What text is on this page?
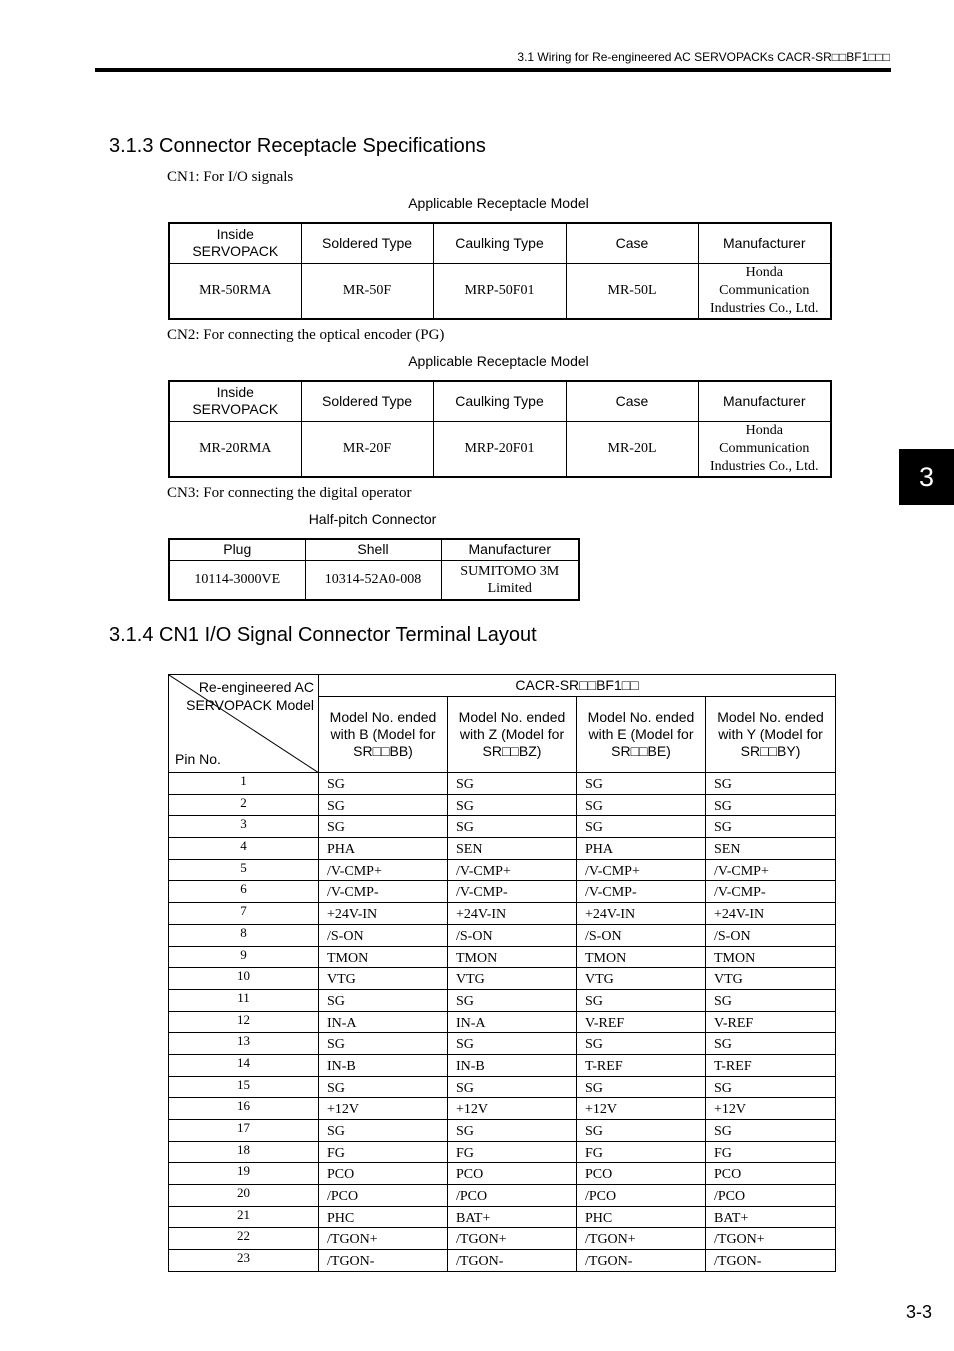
3.1 Wiring for Re-engineered AC SERVOPACKs CACR-SR□□BF1□□□
3
3.1.3 Connector Receptacle Specifications
CN1: For I/O signals
Applicable Receptacle Model
Inside SERVOPACK	Soldered Type	Caulking Type	Case	Manufacturer
MR-50RMA	MR-50F	MRP-50F01	MR-50L	Honda Communication Industries Co., Ltd.
CN2: For connecting the optical encoder (PG)
Applicable Receptacle Model
Inside SERVOPACK	Soldered Type	Caulking Type	Case	Manufacturer
MR-20RMA	MR-20F	MRP-20F01	MR-20L	Honda Communication Industries Co., Ltd.
CN3: For connecting the digital operator
Half-pitch Connector
Plug	Shell	Manufacturer
10114-3000VE	10314-52A0-008	SUMITOMO 3M Limited
3.1.4 CN1 I/O Signal Connector Terminal Layout
Re-engineered AC SERVOPACK Model
Pin No.	CACR-SR□□BF1□□			
	Model No. ended with B (Model for SR□□BB)	Model No. ended with Z (Model for SR□□BZ)	Model No. ended with E (Model for SR□□BE)	Model No. ended with Y (Model for SR□□BY)
1	SG	SG	SG	SG
2	SG	SG	SG	SG
3	SG	SG	SG	SG
4	PHA	SEN	PHA	SEN
5	/V-CMP+	/V-CMP+	/V-CMP+	/V-CMP+
6	/V-CMP-	/V-CMP-	/V-CMP-	/V-CMP-
7	+24V-IN	+24V-IN	+24V-IN	+24V-IN
8	/S-ON	/S-ON	/S-ON	/S-ON
9	TMON	TMON	TMON	TMON
10	VTG	VTG	VTG	VTG
11	SG	SG	SG	SG
12	IN-A	IN-A	V-REF	V-REF
13	SG	SG	SG	SG
14	IN-B	IN-B	T-REF	T-REF
15	SG	SG	SG	SG
16	+12V	+12V	+12V	+12V
17	SG	SG	SG	SG
18	FG	FG	FG	FG
19	PCO	PCO	PCO	PCO
20	/PCO	/PCO	/PCO	/PCO
21	PHC	BAT+	PHC	BAT+
22	/TGON+	/TGON+	/TGON+	/TGON+
23	/TGON-	/TGON-	/TGON-	/TGON-
3-3
